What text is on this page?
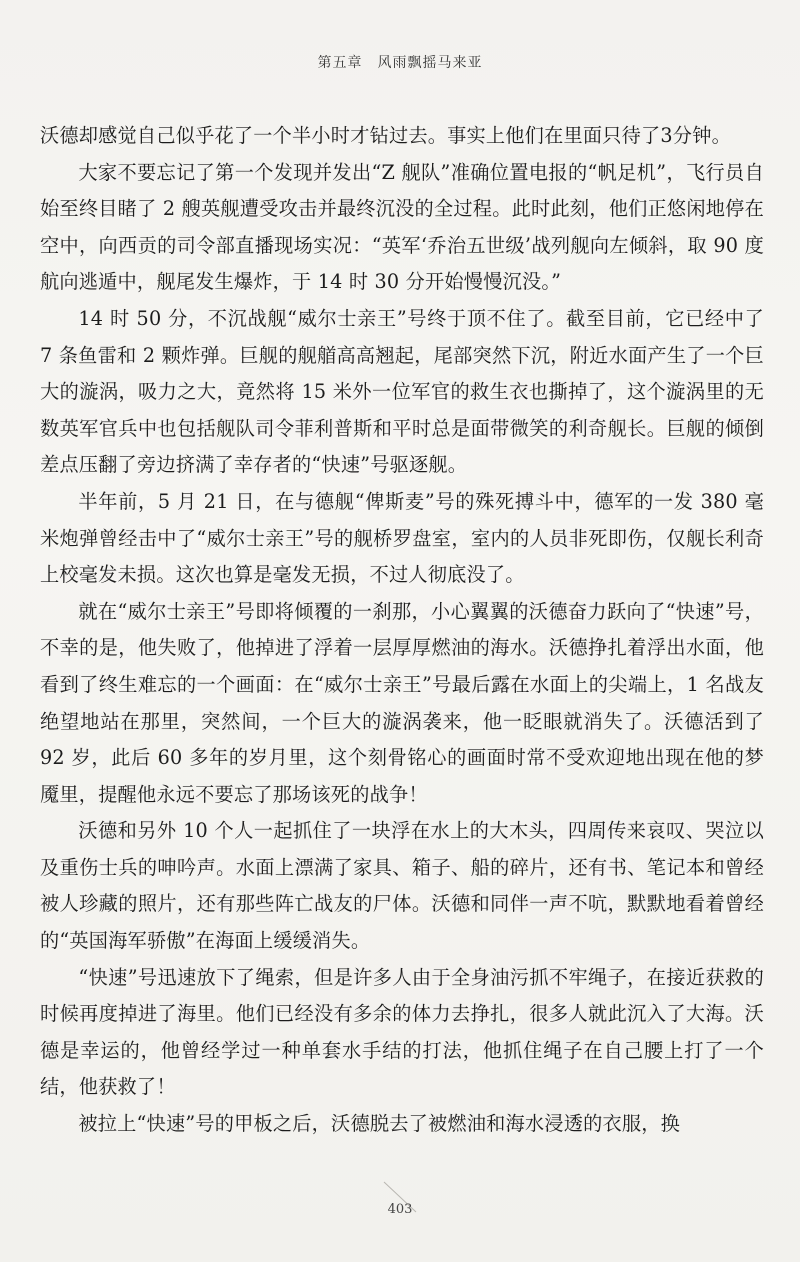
第五章　风雨飘摇马来亚

沃德却感觉自己似乎花了一个半小时才钻过去。事实上他们在里面只待了3分钟。

大家不要忘记了第一个发现并发出“Z 舰队”准确位置电报的“帆足机”，飞行员自始至终目睹了 2 艘英舰遭受攻击并最终沉没的全过程。此时此刻，他们正悠闲地停在空中，向西贡的司令部直播现场实况：“英军‘乔治五世级’战列舰向左倾斜，取 90 度航向逃遁中，舰尾发生爆炸，于 14 时 30 分开始慢慢沉没。”

14 时 50 分，不沉战舰“威尔士亲王”号终于顶不住了。截至目前，它已经中了 7 条鱼雷和 2 颗炸弹。巨舰的舰艏高高翘起，尾部突然下沉，附近水面产生了一个巨大的漩涡，吸力之大，竟然将 15 米外一位军官的救生衣也撕掉了，这个漩涡里的无数英军官兵中也包括舰队司令菲利普斯和平时总是面带微笑的利奇舰长。巨舰的倾倒差点压翻了旁边挤满了幸存者的“快速”号驱逐舰。

半年前，5 月 21 日，在与德舰“俾斯麦”号的殊死搏斗中，德军的一发 380 毫米炮弹曾经击中了“威尔士亲王”号的舰桥罗盘室，室内的人员非死即伤，仅舰长利奇上校毫发未损。这次也算是毫发无损，不过人彻底没了。

就在“威尔士亲王”号即将倾覆的一刹那，小心翼翼的沃德奋力跃向了“快速”号，不幸的是，他失败了，他掉进了浮着一层厚厚燃油的海水。沃德挣扎着浮出水面，他看到了终生难忘的一个画面：在“威尔士亲王”号最后露在水面上的尖端上，1 名战友绝望地站在那里，突然间，一个巨大的漩涡袭来，他一眨眼就消失了。沃德活到了 92 岁，此后 60 多年的岁月里，这个刻骨铭心的画面时常不受欢迎地出现在他的梦魇里，提醒他永远不要忘了那场该死的战争！

沃德和另外 10 个人一起抓住了一块浮在水上的大木头，四周传来哀叹、哭泣以及重伤士兵的呻吟声。水面上漂满了家具、箱子、船的碎片，还有书、笔记本和曾经被人珍藏的照片，还有那些阵亡战友的尸体。沃德和同伴一声不吭，默默地看着曾经的“英国海军骄傲”在海面上缓缓消失。

“快速”号迅速放下了绳索，但是许多人由于全身油污抓不牢绳子，在接近获救的时候再度掉进了海里。他们已经没有多余的体力去挣扎，很多人就此沉入了大海。沃德是幸运的，他曾经学过一种单套水手结的打法，他抓住绳子在自己腰上打了一个结，他获救了！

被拉上“快速”号的甲板之后，沃德脱去了被燃油和海水浸透的衣服，换

403
